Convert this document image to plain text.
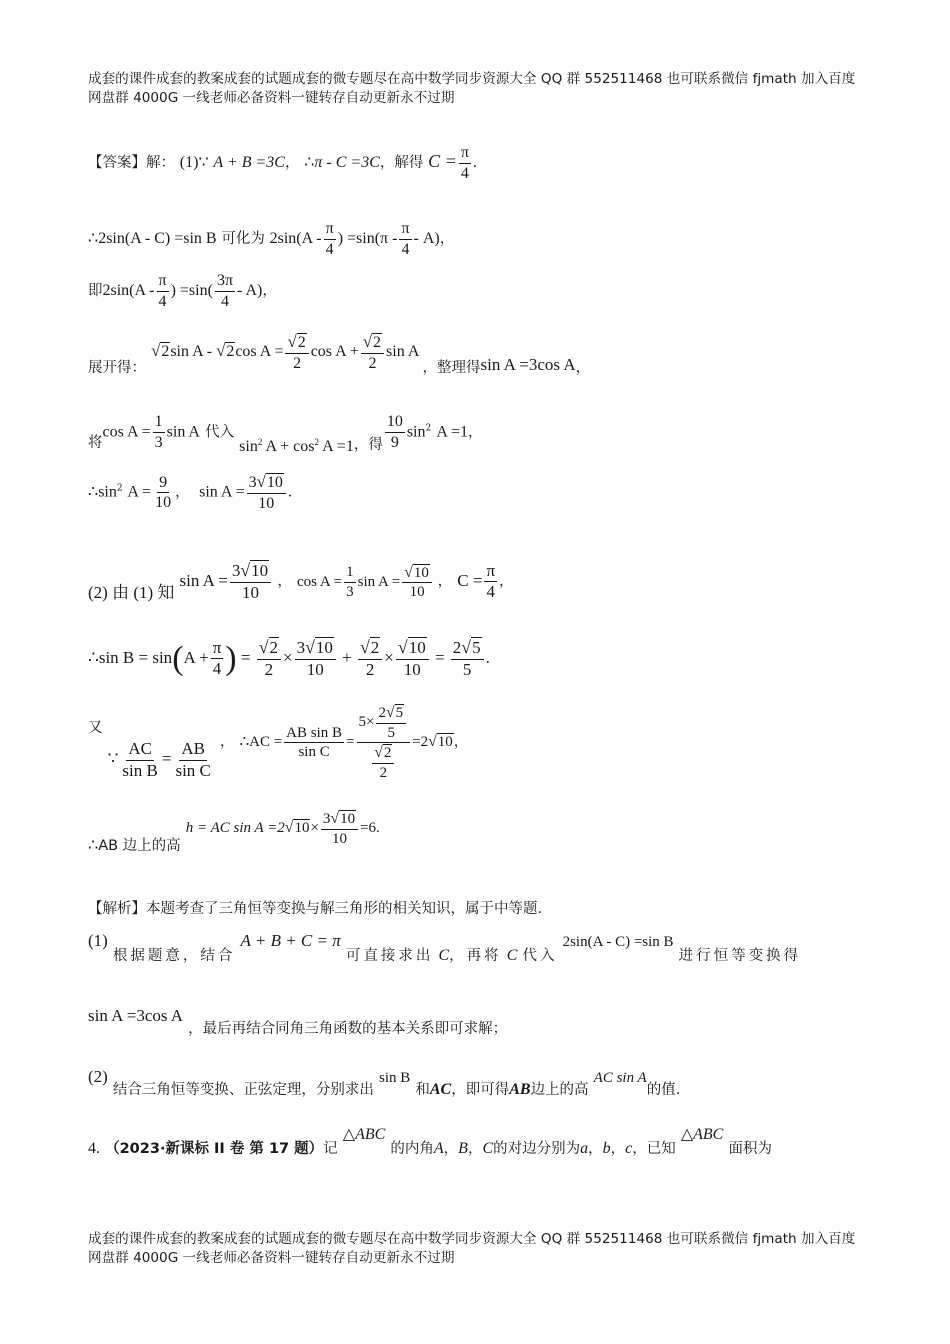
成套的课件成套的教案成套的试题成套的微专题尽在高中数学同步资源大全 QQ 群 552511468 也可联系微信 fjmath 加入百度
网盘群 4000G 一线老师必备资料一键转存自动更新永不过期
【答案】解： (1)∵ A + B =3C， ∴π - C =3C，解得 $C = \frac{\pi}{4}$ .
∴2sin(A - C) =sin B 可化为 $2\sin(A - \frac{\pi}{4}$ ) $=\sin(\pi - \frac{\pi}{4} - A)$，
即$2\sin(A - \frac{\pi}{4}$ ) $=\sin( \frac{3\pi}{4} - A)$，
展开得： √2sin A - √2cos $A = \frac{√2}{2}$ $\cos A + \frac{√2}{2}$ sin A ，整理得sin A =3cos A，
将$\cos A = \frac{1}{3}$ sin A 代入 $\sin^2 A + \cos^2 A =1$，得 $\frac{10}{9} \sin^2 A =1$，
$\therefore\sin^2$ $A = \frac{9}{10}$ ， $\sin A = \frac{3√10}{10}$ .
(2) 由 (1) 知 $\sin A = \frac{3√10}{10}$ ， $\cos A = \frac{1}{3}$ $\sin A = \frac{√10}{10}$ ， $C = \frac{\pi}{4}$ ，
∴sin $B = \sin(A + \frac{\pi}{4}$ ) = $\frac{√2}{2} \times \frac{3√10}{10} + \frac{√2}{2} \times \frac{√10}{10} = \frac{2√5}{5}$ .
又 ∵ $\frac{AC}{\text{sin B}} = \frac{AB}{\text{sin C}}$ ， ∴AC = $\frac{\text{AB sin B}}{\text{sin C}} = \frac{5\times \frac{2√5}{5}}{\frac{√2}{2}} =2√10$，
∴AB 边上的高 h = AC $\sin A =2√10\times \frac{3√10}{10} =6$.
【解析】本题考查了三角恒等变换与解三角形的相关知识，属于中等题.
(1) 根据题意，结合 A + B + C = π 可直接求出 C，再将 C 代入 2sin(A - C) =sin B 进行恒等变换得
sin A =3cos A ，最后再结合同角三角函数的基本关系即可求解；
(2) 结合三角恒等变换、正弦定理，分别求出 sin B 和AC，即可得AB边上的高 AC sin A的值.
4. （2023·新课标 II 卷 第 17 题）记 △ABC 的内角A，B，C的对边分别为a，b，c，已知 △ABC 面积为
成套的课件成套的教案成套的试题成套的微专题尽在高中数学同步资源大全 QQ 群 552511468 也可联系微信 fjmath 加入百度
网盘群 4000G 一线老师必备资料一键转存自动更新永不过期
